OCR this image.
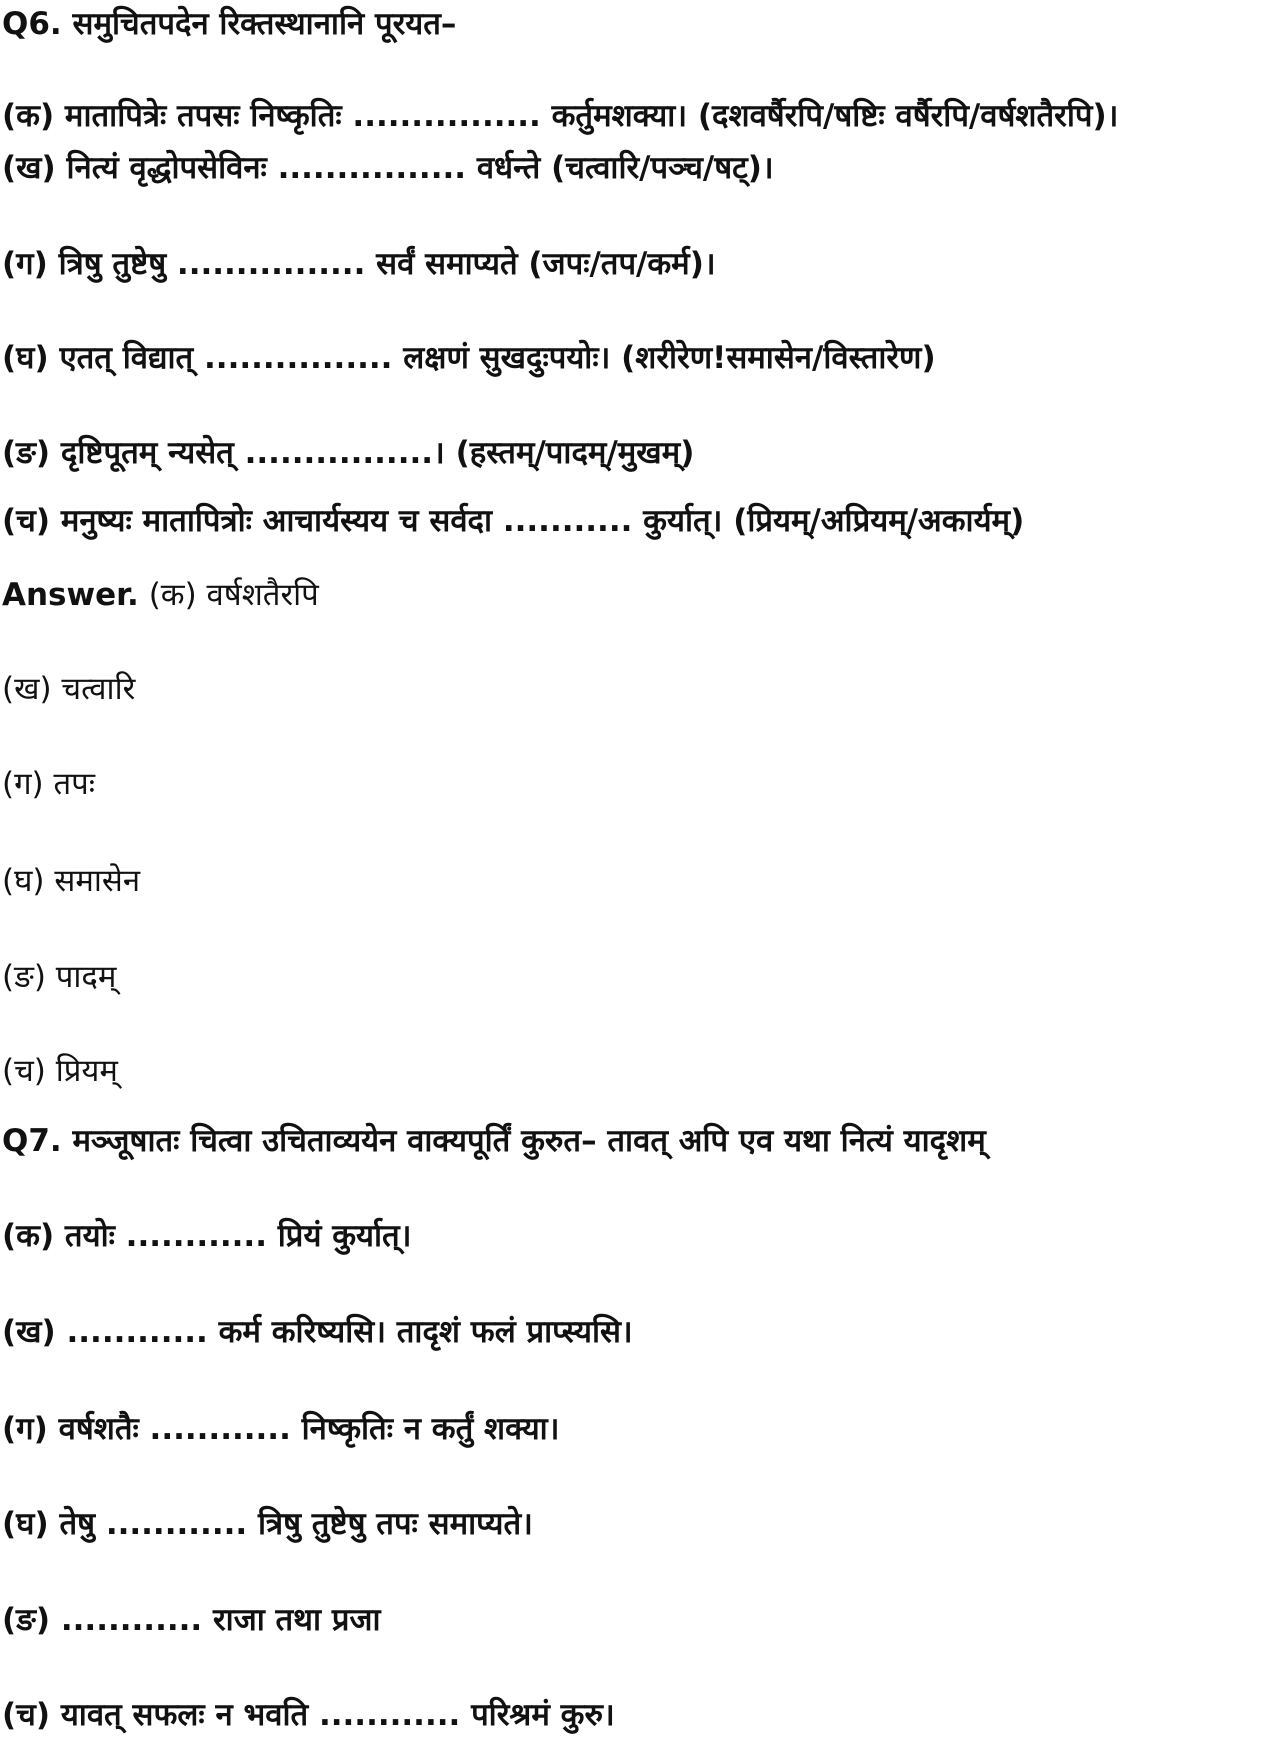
Q6. समुचितपदेन रिक्तस्थानानि पूरयत–
(क) मातापित्रेः तपसः निष्कृतिः ................ कर्तुमशक्या। (दशवर्षैरपि/षष्टिः वर्षैरपि/वर्षशतैरपि)।
(ख) नित्यं वृद्धोपसेविनः ................ वर्धन्ते (चत्वारि/पञ्च/षट्)।
(ग) त्रिषु तुष्टेषु ................ सर्वं समाप्यते (जपः/तप/कर्म)।
(घ) एतत् विद्यात् ................ लक्षणं सुखदुःपयोः। (शरीरेण!समासेन/विस्तारेण)
(ङ) दृष्टिपूतम् न्यसेत् ................। (हस्तम्/पादम्/मुखम्)
(च) मनुष्यः मातापित्रोः आचार्यस्यय च सर्वदा ........... कुर्यात्। (प्रियम्/अप्रियम्/अकार्यम्)
Answer. (क) वर्षशतैरपि
(ख) चत्वारि
(ग) तपः
(घ) समासेन
(ङ) पादम्
(च) प्रियम्
Q7. मञ्जूषातः चित्वा उचिताव्ययेन वाक्यपूर्तिं कुरुत– तावत् अपि एव यथा नित्यं यादृशम्
(क) तयोः ............ प्रियं कुर्यात्।
(ख) ............ कर्म करिष्यसि। तादृशं फलं प्राप्स्यसि।
(ग) वर्षशतैः ............ निष्कृतिः न कर्तुं शक्या।
(घ) तेषु ............ त्रिषु तुष्टेषु तपः समाप्यते।
(ङ) ............ राजा तथा प्रजा
(च) यावत् सफलः न भवति ............ परिश्रमं कुरु।
